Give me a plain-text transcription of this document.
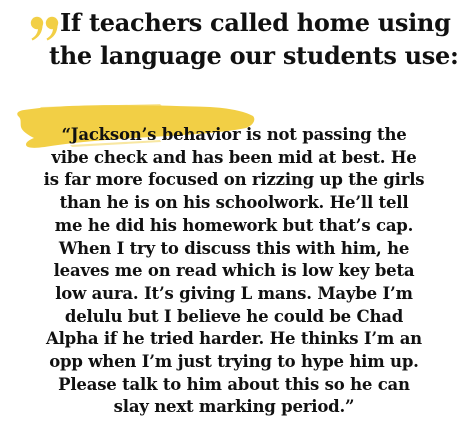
If teachers called home using
the language our students use:

“Jackson’s behavior is not passing the
vibe check and has been mid at best. He
is far more focused on rizzing up the girls
than he is on his schoolwork. He’ll tell
me he did his homework but that’s cap.
When I try to discuss this with him, he
leaves me on read which is low key beta
low aura. It’s giving L mans. Maybe I’m
delulu but I believe he could be Chad
Alpha if he tried harder. He thinks I’m an
opp when I’m just trying to hype him up.
Please talk to him about this so he can
slay next marking period.”
